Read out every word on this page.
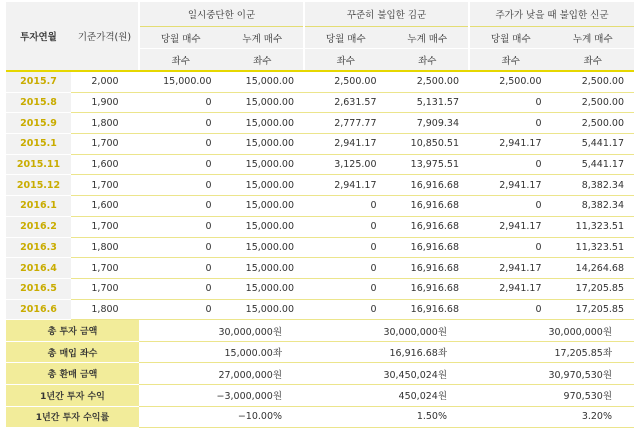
투자연월	기준가격(원)	일시중단한 이군		꾸준히 불입한 김군		주가가 낮을 때 불입한 신군	
		당월 매수	누계 매수	당월 매수	누계 매수	당월 매수	누계 매수
		좌수	좌수	좌수	좌수	좌수	좌수
2015.7	2,000	15,000.00	15,000.00	2,500.00	2,500.00	2,500.00	2,500.00
2015.8	1,900	0	15,000.00	2,631.57	5,131.57	0	2,500.00
2015.9	1,800	0	15,000.00	2,777.77	7,909.34	0	2,500.00
2015.1	1,700	0	15,000.00	2,941.17	10,850.51	2,941.17	5,441.17
2015.11	1,600	0	15,000.00	3,125.00	13,975.51	0	5,441.17
2015.12	1,700	0	15,000.00	2,941.17	16,916.68	2,941.17	8,382.34
2016.1	1,600	0	15,000.00	0	16,916.68	0	8,382.34
2016.2	1,700	0	15,000.00	0	16,916.68	2,941.17	11,323.51
2016.3	1,800	0	15,000.00	0	16,916.68	0	11,323.51
2016.4	1,700	0	15,000.00	0	16,916.68	2,941.17	14,264.68
2016.5	1,700	0	15,000.00	0	16,916.68	2,941.17	17,205.85
2016.6	1,800	0	15,000.00	0	16,916.68	0	17,205.85
총 투자 금액		30,000,000원		30,000,000원		30,000,000원	
총 매입 좌수		15,000.00좌		16,916.68좌		17,205.85좌	
총 환매 금액		27,000,000원		30,450,024원		30,970,530원	
1년간 투자 수익		−3,000,000원		450,024원		970,530원	
1년간 투자 수익률		−10.00%		1.50%		3.20%	
